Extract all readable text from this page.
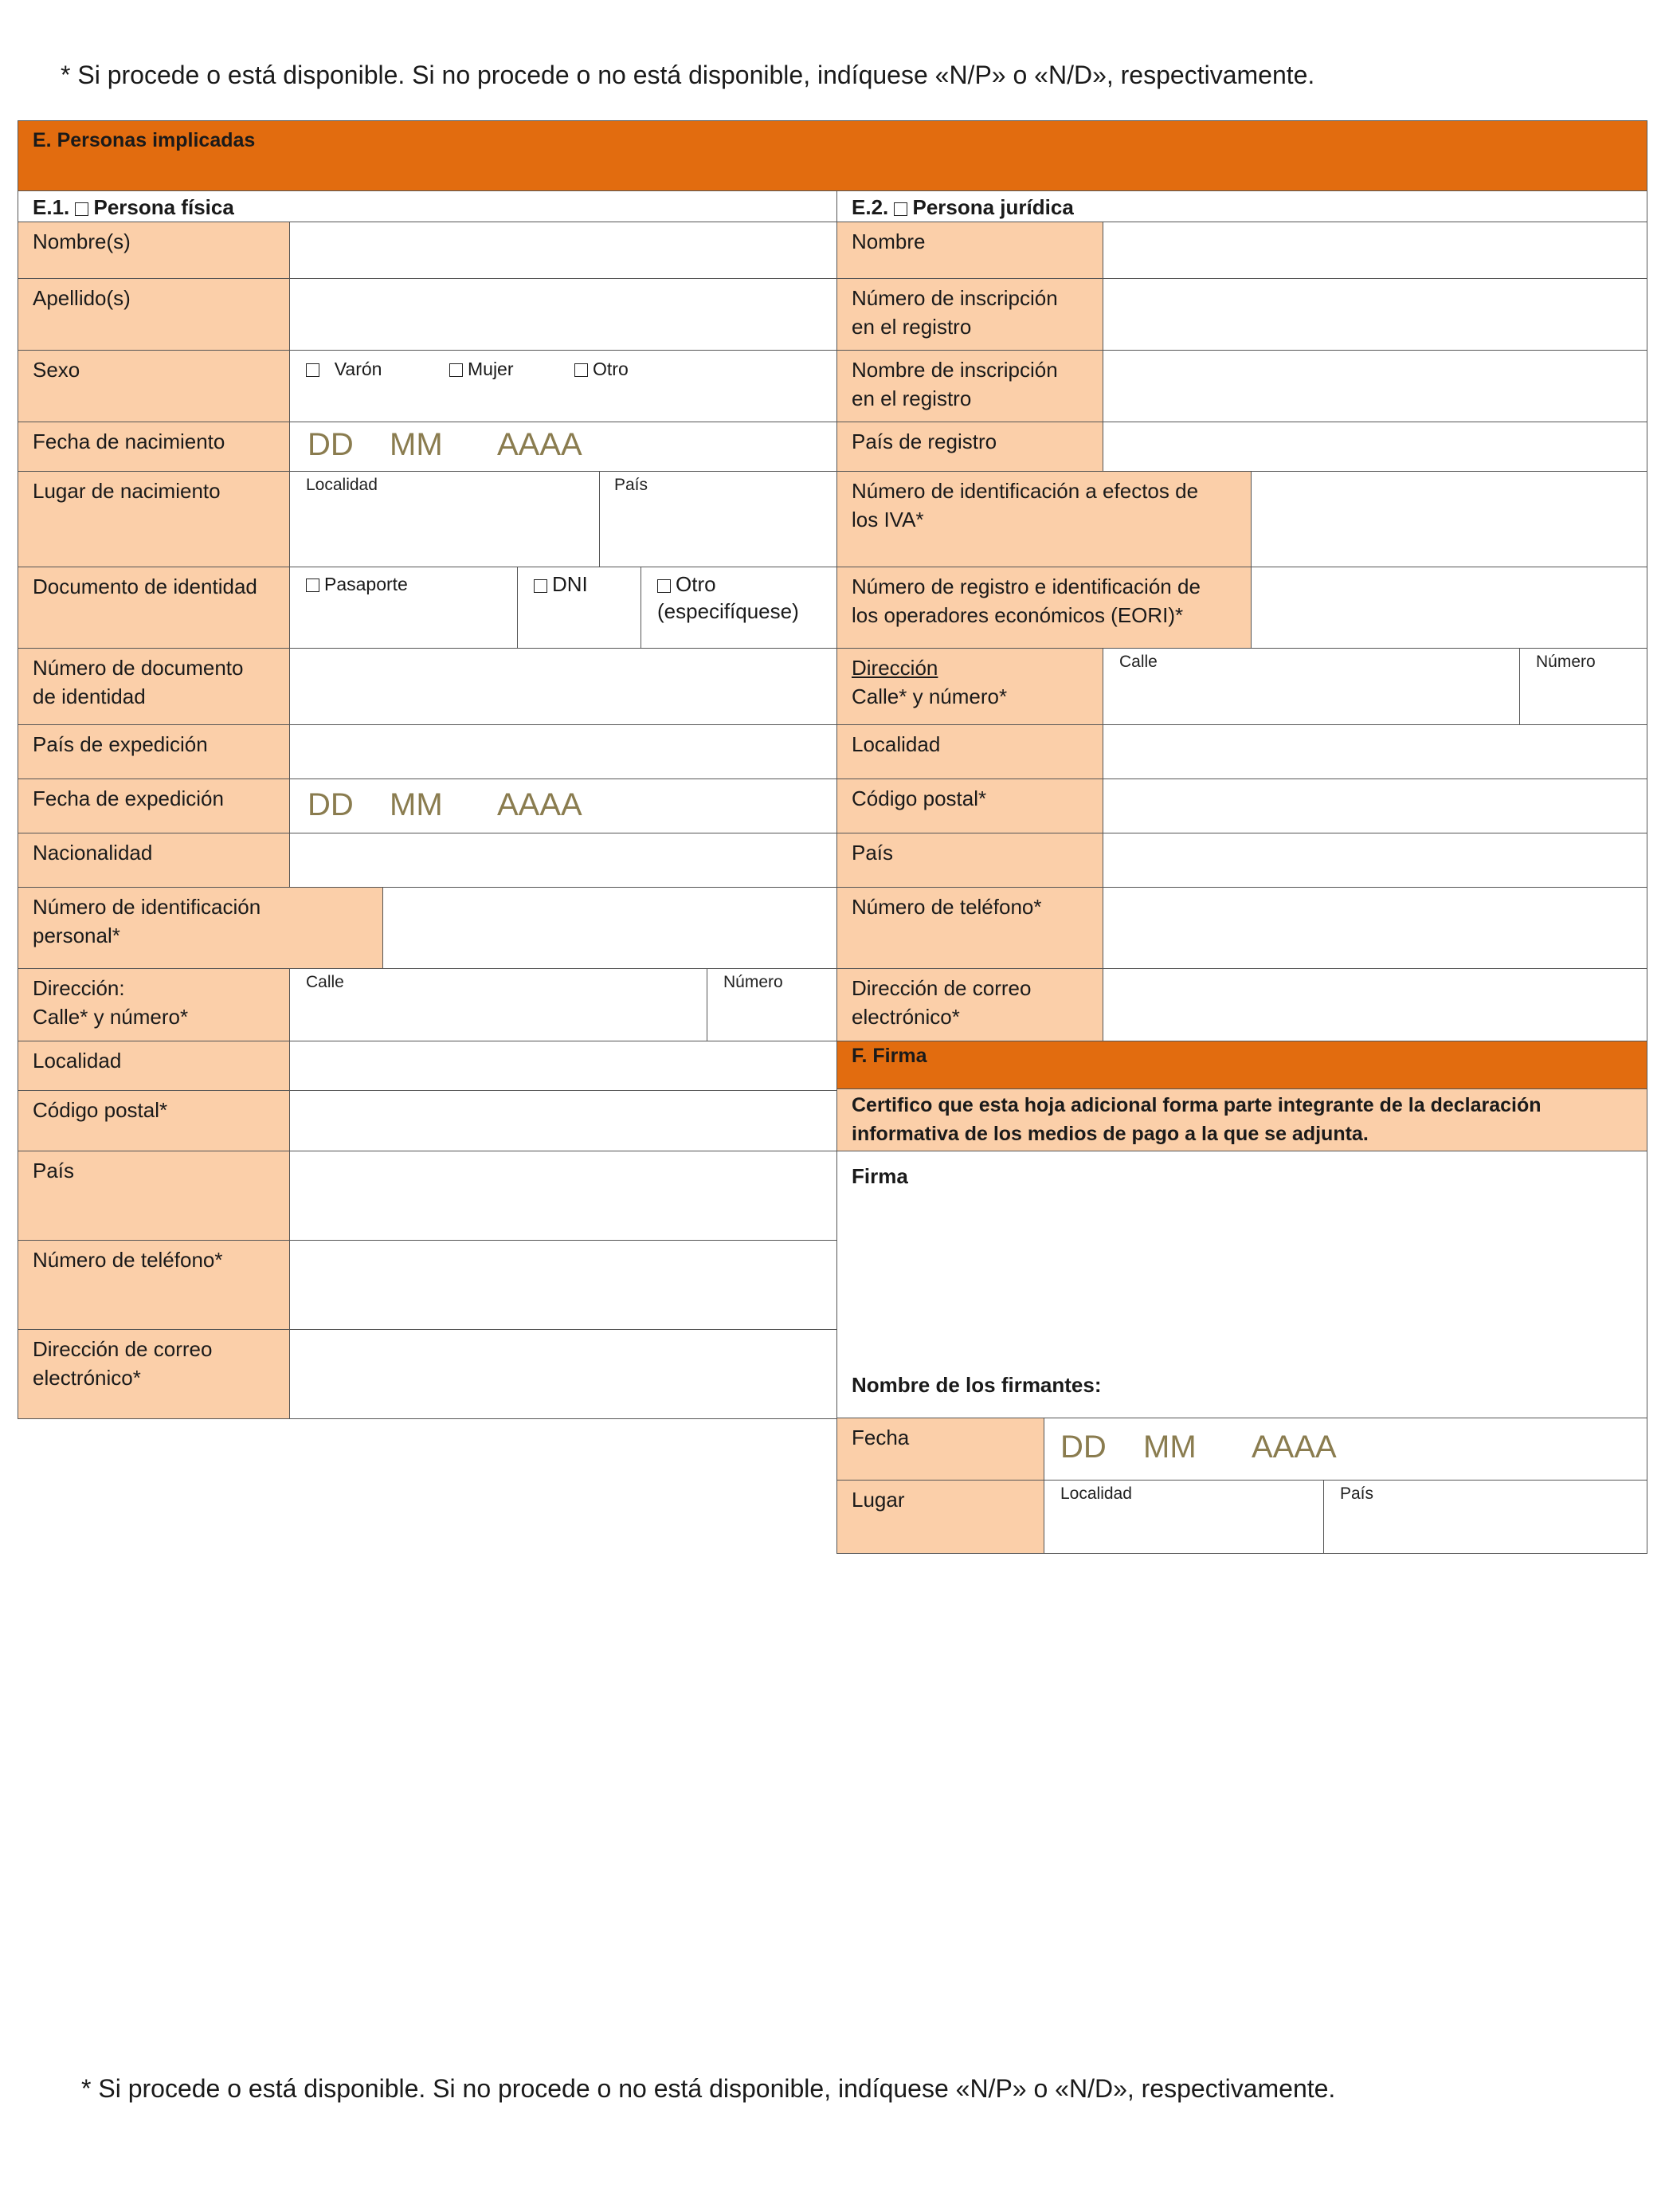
* Si procede o está disponible. Si no procede o no está disponible, indíquese «N/P» o «N/D», respectivamente.
E. Personas implicadas
E.1. Persona física	E.2. Persona jurídica
Nombre(s)
Apellido(s)
Sexo	Varón	Mujer	Otro
Fecha de nacimiento	DD MM AAAA
Lugar de nacimiento	Localidad	País
Documento de identidad	Pasaporte	DNI	Otro
(especifíquese)
Número de documento
de identidad
País de expedición
Fecha de expedición	DD MM AAAA
Nacionalidad
Número de identificación
personal*
Dirección:
Calle* y número*
Calle	Número
Localidad
Código postal*
País
Número de teléfono*
Dirección de correo
electrónico*
Nombre
Número de inscripción
en el registro
Nombre de inscripción
en el registro
País de registro
Número de identificación a efectos de
los IVA*
Número de registro e identificación de
los operadores económicos (EORI)*
Dirección
Calle* y número*
Calle	Número
Localidad
Código postal*
País
Número de teléfono*
Dirección de correo
electrónico*
F. Firma
Certifico que esta hoja adicional forma parte integrante de la declaración
informativa de los medios de pago a la que se adjunta.
Firma
Nombre de los firmantes:
Fecha	DD MM AAAA
Lugar	Localidad	País
* Si procede o está disponible. Si no procede o no está disponible, indíquese «N/P» o «N/D», respectivamente.
